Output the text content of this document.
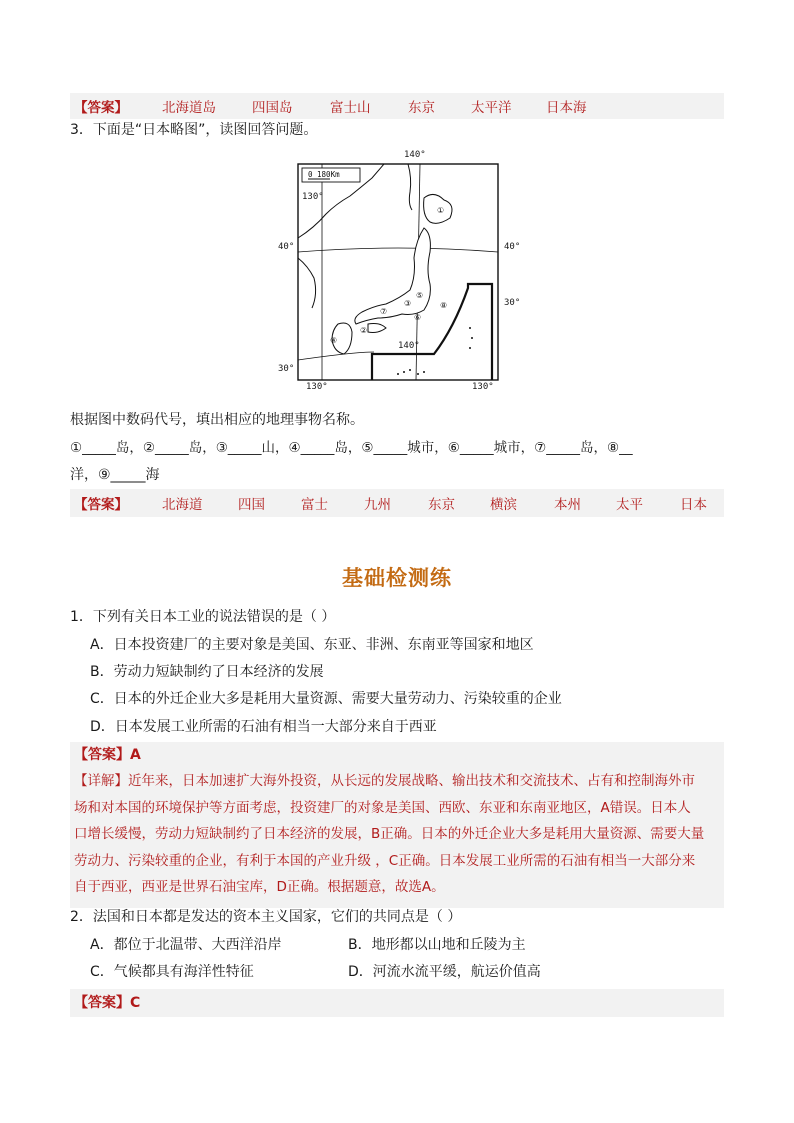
【答案】	北海道岛	四国岛	富士山	东京	太平洋	日本海
3．下面是“日本略图”，读图回答问题。
0 180Km
①
②
③
④
⑤
⑥
⑦
⑧
140°
130°
40°	40°
30°
30°
140°
130°	130°
根据图中数码代号，填出相应的地理事物名称。
①_____岛，②_____岛，③_____山，④_____岛，⑤_____城市，⑥_____城市，⑦_____岛，⑧__
洋，⑨_____海
【答案】	北海道	四国	富士	九州	东京	横滨	本州	太平	日本
基础检测练
1．下列有关日本工业的说法错误的是（ ）
A．日本投资建厂的主要对象是美国、东亚、非洲、东南亚等国家和地区
B．劳动力短缺制约了日本经济的发展
C．日本的外迁企业大多是耗用大量资源、需要大量劳动力、污染较重的企业
D．日本发展工业所需的石油有相当一大部分来自于西亚
【答案】A
【详解】近年来，日本加速扩大海外投资，从长远的发展战略、输出技术和交流技术、占有和控制海外市
场和对本国的环境保护等方面考虑，投资建厂的对象是美国、西欧、东亚和东南亚地区，A错误。日本人
口增长缓慢，劳动力短缺制约了日本经济的发展，B正确。日本的外迁企业大多是耗用大量资源、需要大量
劳动力、污染较重的企业，有利于本国的产业升级 ，C正确。日本发展工业所需的石油有相当一大部分来
自于西亚，西亚是世界石油宝库，D正确。根据题意，故选A。
2．法国和日本都是发达的资本主义国家，它们的共同点是（ ）
A．都位于北温带、大西洋沿岸	B．地形都以山地和丘陵为主
C．气候都具有海洋性特征	D．河流水流平缓，航运价值高
【答案】C
